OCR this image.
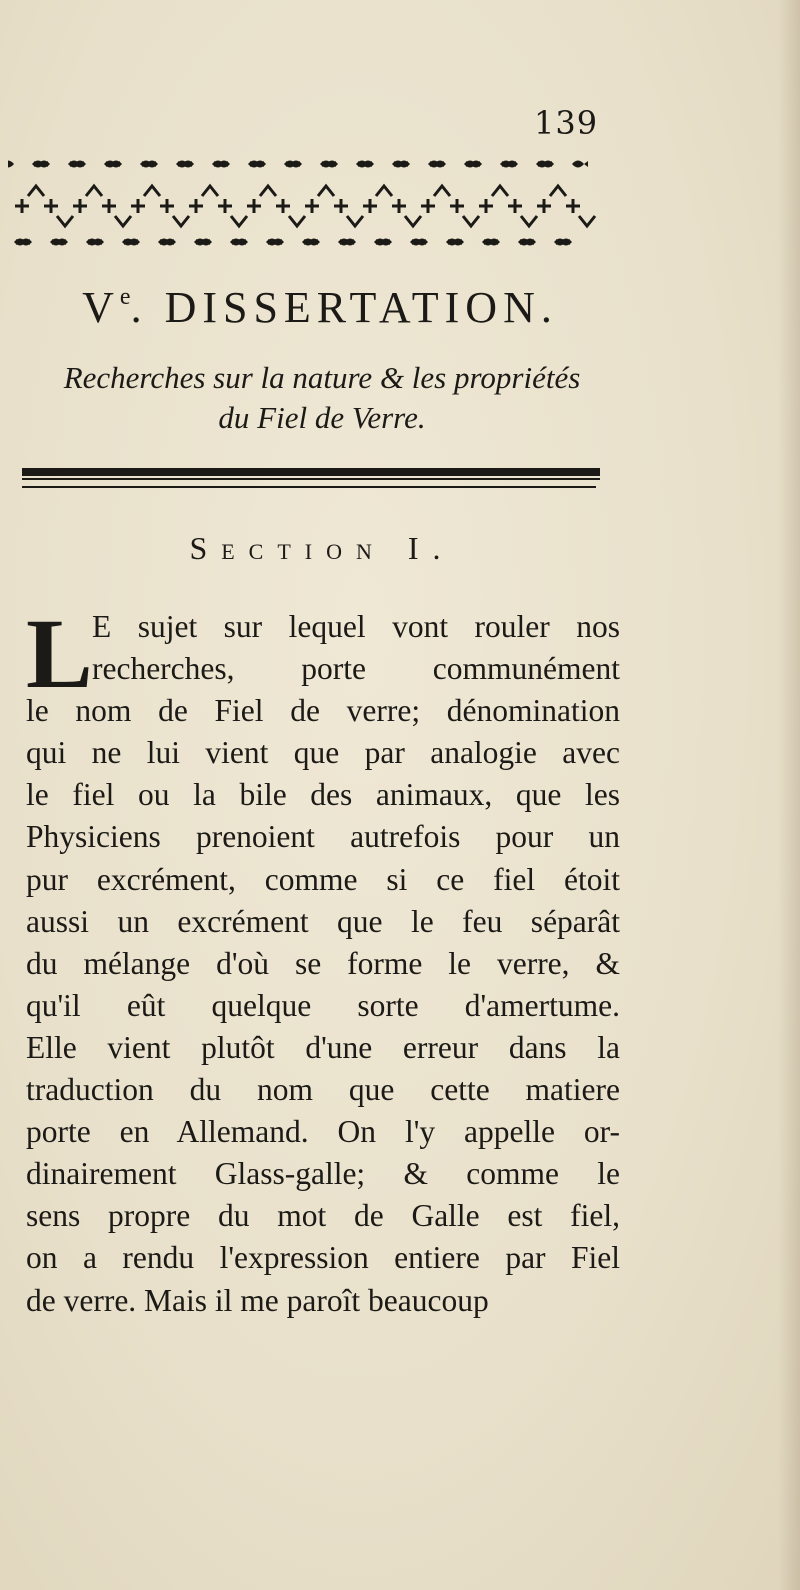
139
Ve. DISSERTATION.
Recherches sur la nature & les propriétés
du Fiel de Verre.
Section I.
L E sujet sur lequel vont rouler nos
recherches, porte communément
le nom de Fiel de verre; dénomination
qui ne lui vient que par analogie avec
le fiel ou la bile des animaux, que les
Physiciens prenoient autrefois pour un
pur excrément, comme si ce fiel étoit
aussi un excrément que le feu séparât
du mélange d'où se forme le verre, &
qu'il eût quelque sorte d'amertume.
Elle vient plutôt d'une erreur dans la
traduction du nom que cette matiere
porte en Allemand. On l'y appelle or-
dinairement Glass-galle; & comme le
sens propre du mot de Galle est fiel,
on a rendu l'expression entiere par Fiel
de verre. Mais il me paroît beaucoup
